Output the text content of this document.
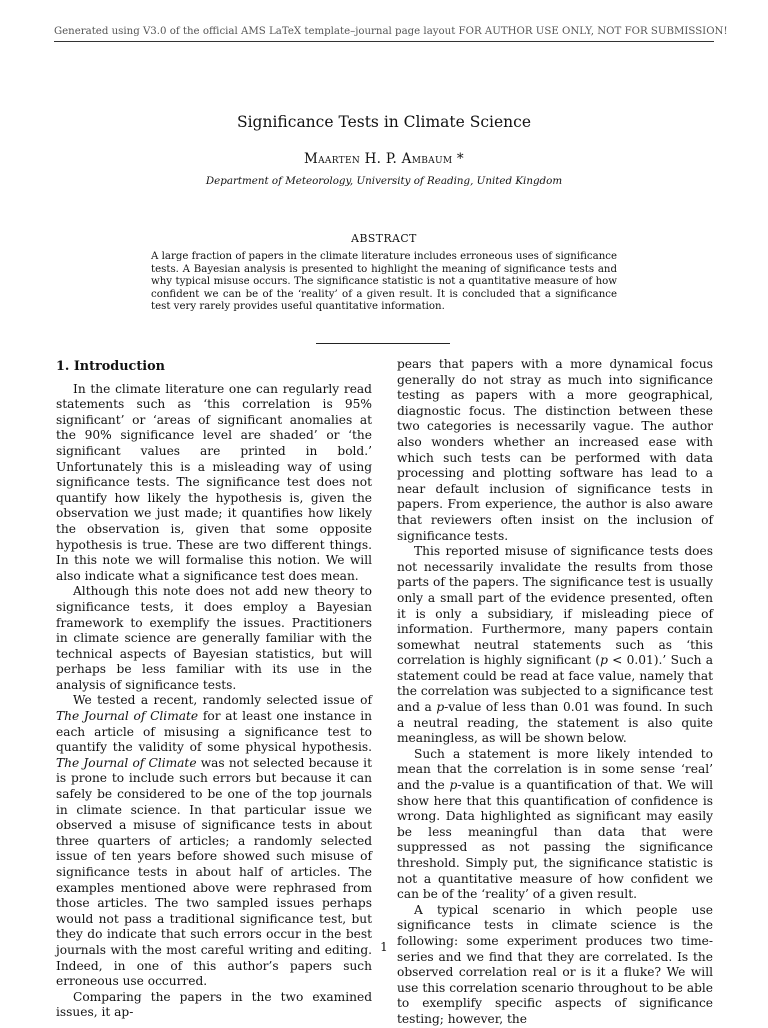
Generated using V3.0 of the official AMS LaTeX template–journal page layout FOR AUTHOR USE ONLY, NOT FOR SUBMISSION!
Significance Tests in Climate Science
Maarten H. P. Ambaum *
Department of Meteorology, University of Reading, United Kingdom
ABSTRACT
A large fraction of papers in the climate literature includes erroneous uses of significance tests. A Bayesian analysis is presented to highlight the meaning of significance tests and why typical misuse occurs. The significance statistic is not a quantitative measure of how confident we can be of the ‘reality’ of a given result. It is concluded that a significance test very rarely provides useful quantitative information.
1. Introduction

In the climate literature one can regularly read statements such as ‘this correlation is 95% significant’ or ‘areas of significant anomalies at the 90% significance level are shaded’ or ‘the significant values are printed in bold.’ Unfortunately this is a misleading way of using significance tests. The significance test does not quantify how likely the hypothesis is, given the observation we just made; it quantifies how likely the observation is, given that some opposite hypothesis is true. These are two different things. In this note we will formalise this notion. We will also indicate what a significance test does mean.

Although this note does not add new theory to significance tests, it does employ a Bayesian framework to exemplify the issues. Practitioners in climate science are generally familiar with the technical aspects of Bayesian statistics, but will perhaps be less familiar with its use in the analysis of significance tests.

We tested a recent, randomly selected issue of The Journal of Climate for at least one instance in each article of misusing a significance test to quantify the validity of some physical hypothesis. The Journal of Climate was not selected because it is prone to include such errors but because it can safely be considered to be one of the top journals in climate science. In that particular issue we observed a misuse of significance tests in about three quarters of articles; a randomly selected issue of ten years before showed such misuse of significance tests in about half of articles. The examples mentioned above were rephrased from those articles. The two sampled issues perhaps would not pass a traditional significance test, but they do indicate that such errors occur in the best journals with the most careful writing and editing. Indeed, in one of this author’s papers such erroneous use occurred.

Comparing the papers in the two examined issues, it ap-

pears that papers with a more dynamical focus generally do not stray as much into significance testing as papers with a more geographical, diagnostic focus. The distinction between these two categories is necessarily vague. The author also wonders whether an increased ease with which such tests can be performed with data processing and plotting software has lead to a near default inclusion of significance tests in papers. From experience, the author is also aware that reviewers often insist on the inclusion of significance tests.

This reported misuse of significance tests does not necessarily invalidate the results from those parts of the papers. The significance test is usually only a small part of the evidence presented, often it is only a subsidiary, if misleading piece of information. Furthermore, many papers contain somewhat neutral statements such as ‘this correlation is highly significant (p < 0.01).’ Such a statement could be read at face value, namely that the correlation was subjected to a significance test and a p-value of less than 0.01 was found. In such a neutral reading, the statement is also quite meaningless, as will be shown below.

Such a statement is more likely intended to mean that the correlation is in some sense ‘real’ and the p-value is a quantification of that. We will show here that this quantification of confidence is wrong. Data highlighted as significant may easily be less meaningful than data that were suppressed as not passing the significance threshold. Simply put, the significance statistic is not a quantitative measure of how confident we can be of the ‘reality’ of a given result.

A typical scenario in which people use significance tests in climate science is the following: some experiment produces two time-series and we find that they are correlated. Is the observed correlation real or is it a fluke? We will use this correlation scenario throughout to be able to exemplify specific aspects of significance testing; however, the

1
